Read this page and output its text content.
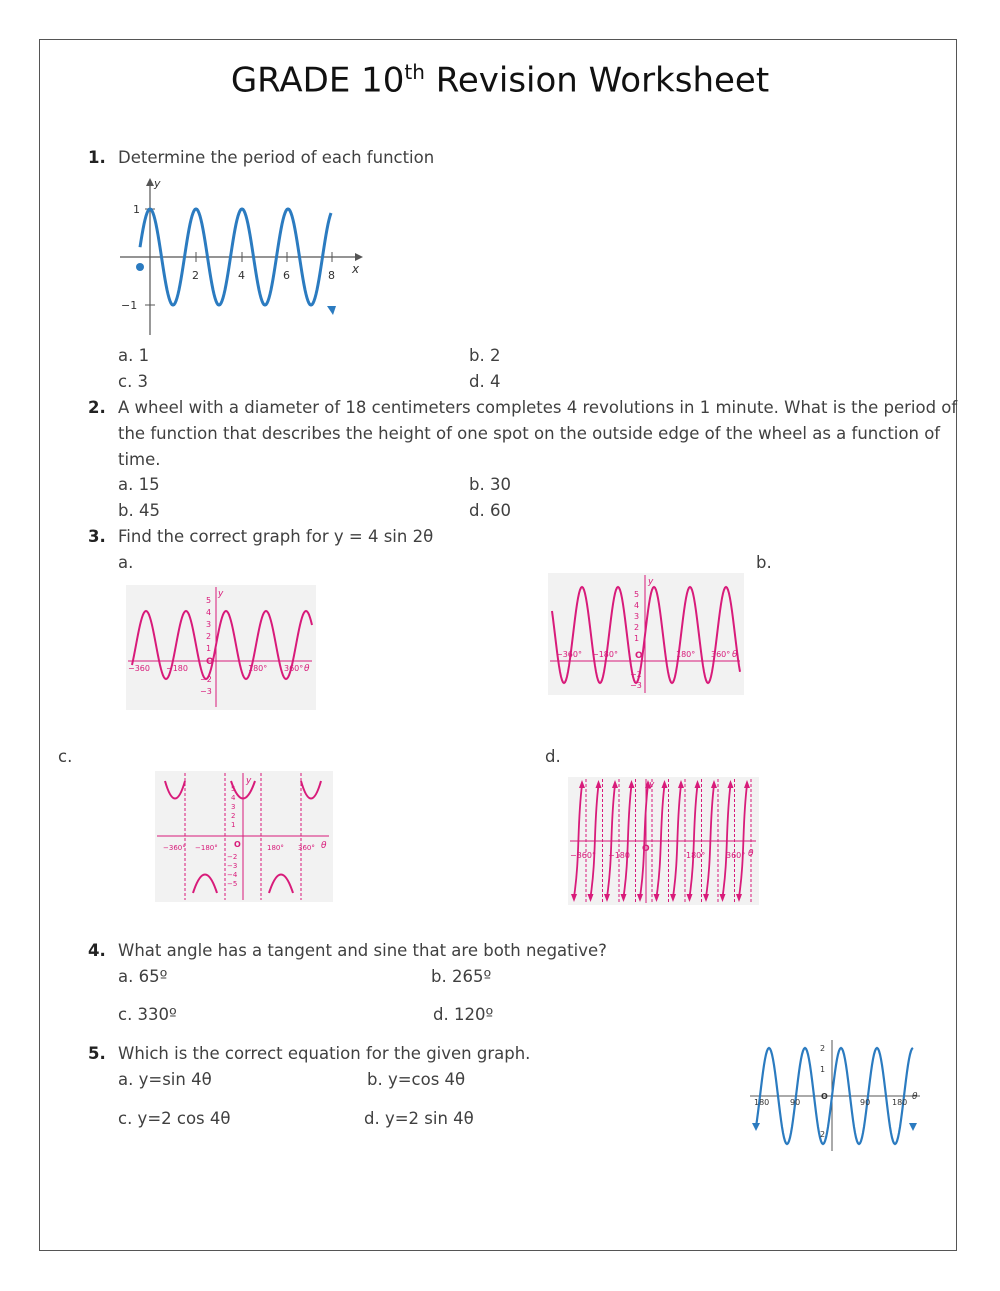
GRADE 10th Revision Worksheet
1. Determine the period of each function
y
x
1
−1
2	4	6	8
a. 1	b. 2
c. 3	d. 4
2. A wheel with a diameter of 18 centimeters completes 4 revolutions in 1 minute. What is the period of
the function that describes the height of one spot on the outside edge of the wheel as a function of
time.
a. 15	b. 30
b. 45	d. 60
3. Find the correct graph for y = 4 sin 2θ
a.	b.
c.	d.
y
5
4
3
2
1
−2
−3
O
−360 −180	180° 360° θ
y
5
4
3
2
1
−2
−3
O
−360° −180°	180° 360° θ
y
5
4
3
2
1
−2
−3
−4
−5
O
−360° −180°	180° 360° θ
y
O
−360° −180	180°	360° θ
4. What angle has a tangent and sine that are both negative?
a. 65º	b. 265º
c. 330º	d. 120º
5. Which is the correct equation for the given graph.
a. y=sin 4θ	b. y=cos 4θ
c. y=2 cos 4θ	d. y=2 sin 4θ
2
1
2
O
180	90	90	180
θ
